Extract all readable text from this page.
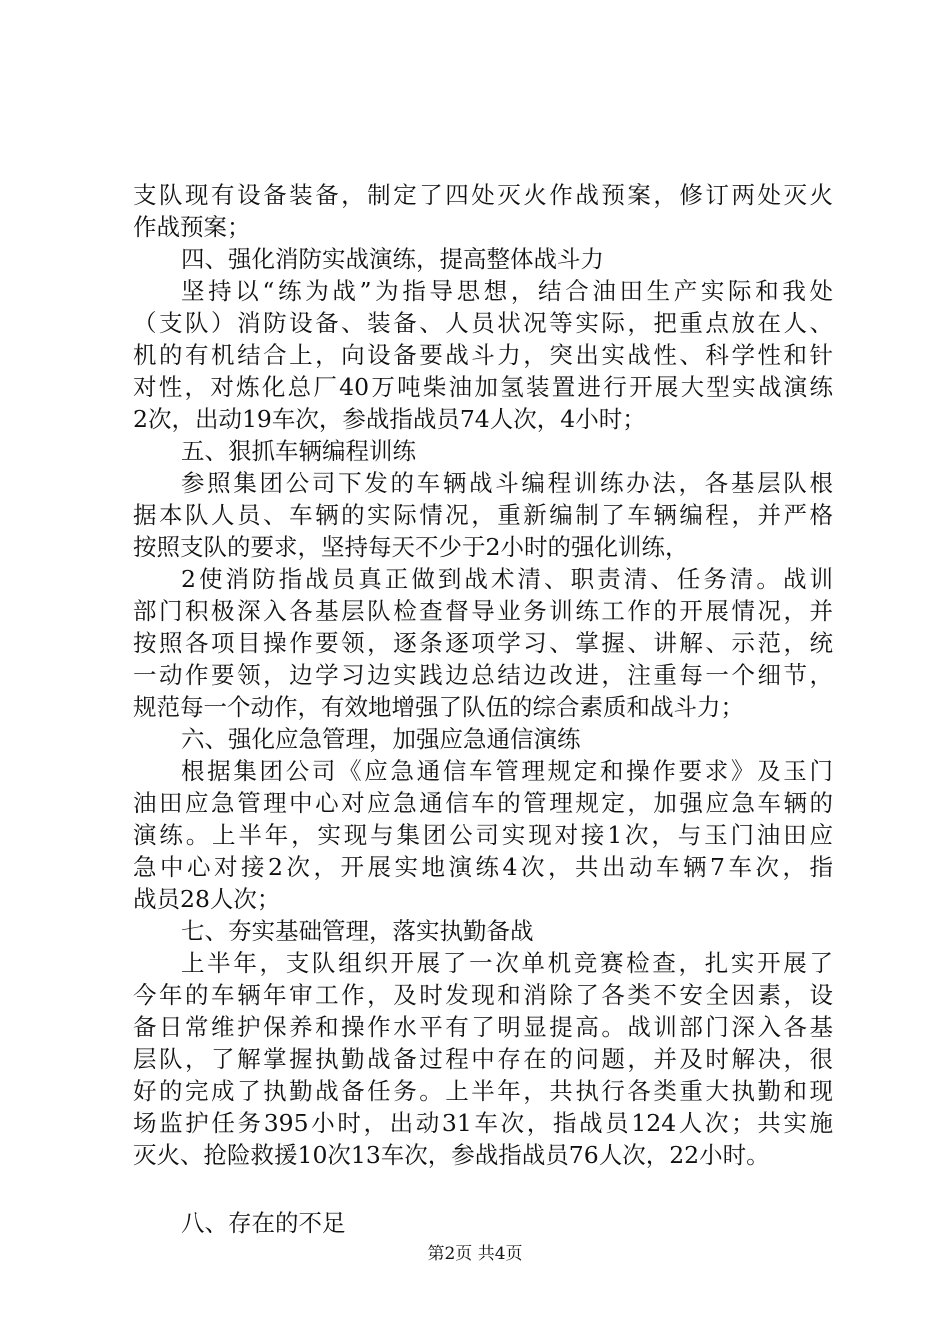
支队现有设备装备，制定了四处灭火作战预案，修订两处灭火
作战预案；
四、强化消防实战演练，提高整体战斗力
坚持以“练为战”为指导思想，结合油田生产实际和我处
（支队）消防设备、装备、人员状况等实际，把重点放在人、
机的有机结合上，向设备要战斗力，突出实战性、科学性和针
对性，对炼化总厂40万吨柴油加氢装置进行开展大型实战演练
2次，出动19车次，参战指战员74人次，4小时；
五、狠抓车辆编程训练
参照集团公司下发的车辆战斗编程训练办法，各基层队根
据本队人员、车辆的实际情况，重新编制了车辆编程，并严格
按照支队的要求，坚持每天不少于2小时的强化训练，
2使消防指战员真正做到战术清、职责清、任务清。战训
部门积极深入各基层队检查督导业务训练工作的开展情况，并
按照各项目操作要领，逐条逐项学习、掌握、讲解、示范，统
一动作要领，边学习边实践边总结边改进，注重每一个细节，
规范每一个动作，有效地增强了队伍的综合素质和战斗力；
六、强化应急管理，加强应急通信演练
根据集团公司《应急通信车管理规定和操作要求》及玉门
油田应急管理中心对应急通信车的管理规定，加强应急车辆的
演练。上半年，实现与集团公司实现对接1次，与玉门油田应
急中心对接2次，开展实地演练4次，共出动车辆7车次，指
战员28人次；
七、夯实基础管理，落实执勤备战
上半年，支队组织开展了一次单机竞赛检查，扎实开展了
今年的车辆年审工作，及时发现和消除了各类不安全因素，设
备日常维护保养和操作水平有了明显提高。战训部门深入各基
层队，了解掌握执勤战备过程中存在的问题，并及时解决，很
好的完成了执勤战备任务。上半年，共执行各类重大执勤和现
场监护任务395小时，出动31车次，指战员124人次；共实施
灭火、抢险救援10次13车次，参战指战员76人次，22小时。
八、存在的不足
第2页 共4页
